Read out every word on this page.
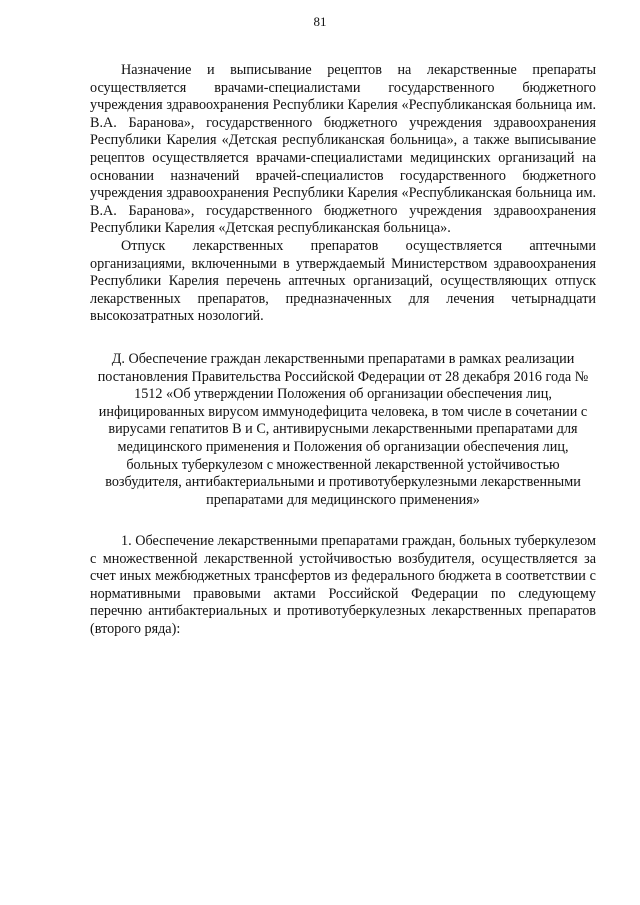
81

Назначение и выписывание рецептов на лекарственные препараты осуществляется врачами-специалистами государственного бюджетного учреждения здравоохранения Республики Карелия «Республиканская больница им. В.А. Баранова», государственного бюджетного учреждения здравоохранения Республики Карелия «Детская республиканская больница», а также выписывание рецептов осуществляется врачами-специалистами медицинских организаций на основании назначений врачей-специалистов государственного бюджетного учреждения здравоохранения Республики Карелия «Республиканская больница им. В.А. Баранова», государственного бюджетного учреждения здравоохранения Республики Карелия «Детская республиканская больница».

Отпуск лекарственных препаратов осуществляется аптечными организациями, включенными в утверждаемый Министерством здравоохранения Республики Карелия перечень аптечных организаций, осуществляющих отпуск лекарственных препаратов, предназначенных для лечения четырнадцати высокозатратных нозологий.

Д. Обеспечение граждан лекарственными препаратами в рамках реализации постановления Правительства Российской Федерации от 28 декабря 2016 года № 1512 «Об утверждении Положения об организации обеспечения лиц, инфицированных вирусом иммунодефицита человека, в том числе в сочетании с вирусами гепатитов В и С, антивирусными лекарственными препаратами для медицинского применения и Положения об организации обеспечения лиц, больных туберкулезом с множественной лекарственной устойчивостью возбудителя, антибактериальными и противотуберкулезными лекарственными препаратами для медицинского применения»

1. Обеспечение лекарственными препаратами граждан, больных туберкулезом с множественной лекарственной устойчивостью возбудителя, осуществляется за счет иных межбюджетных трансфертов из федерального бюджета в соответствии с нормативными правовыми актами Российской Федерации по следующему перечню антибактериальных и противотуберкулезных лекарственных препаратов (второго ряда):
